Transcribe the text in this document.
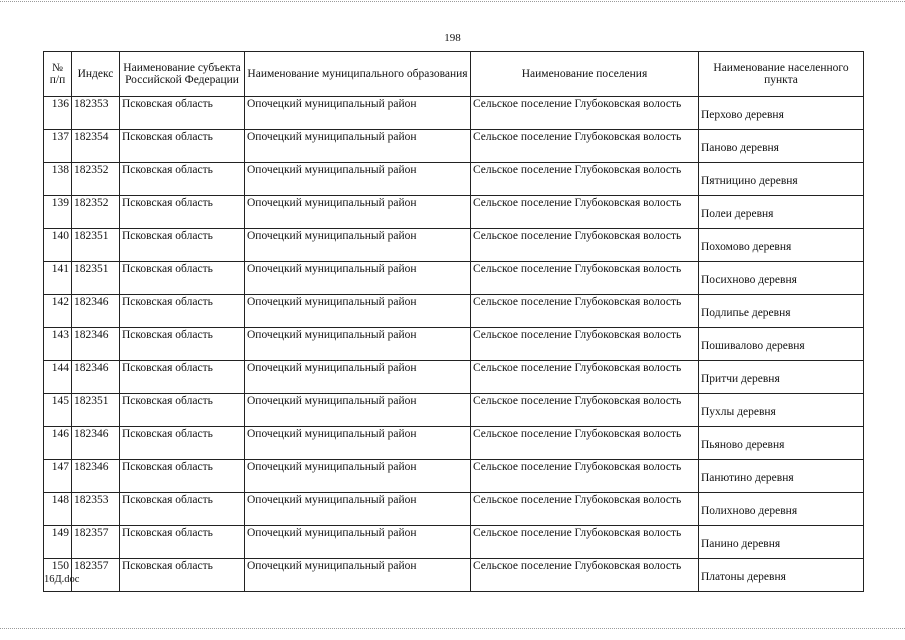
198
№ п/п	Индекс	Наименование субъекта Российской Федерации	Наименование муниципального образования	Наименование поселения	Наименование населенного пункта
136	182353	Псковская область	Опочецкий муниципальный район	Сельское поселение Глубоковская волость	Перхово деревня
137	182354	Псковская область	Опочецкий муниципальный район	Сельское поселение Глубоковская волость	Паново деревня
138	182352	Псковская область	Опочецкий муниципальный район	Сельское поселение Глубоковская волость	Пятницино деревня
139	182352	Псковская область	Опочецкий муниципальный район	Сельское поселение Глубоковская волость	Полеи деревня
140	182351	Псковская область	Опочецкий муниципальный район	Сельское поселение Глубоковская волость	Похомово деревня
141	182351	Псковская область	Опочецкий муниципальный район	Сельское поселение Глубоковская волость	Посихново деревня
142	182346	Псковская область	Опочецкий муниципальный район	Сельское поселение Глубоковская волость	Подлипье деревня
143	182346	Псковская область	Опочецкий муниципальный район	Сельское поселение Глубоковская волость	Пошивалово деревня
144	182346	Псковская область	Опочецкий муниципальный район	Сельское поселение Глубоковская волость	Притчи деревня
145	182351	Псковская область	Опочецкий муниципальный район	Сельское поселение Глубоковская волость	Пухлы деревня
146	182346	Псковская область	Опочецкий муниципальный район	Сельское поселение Глубоковская волость	Пьяново деревня
147	182346	Псковская область	Опочецкий муниципальный район	Сельское поселение Глубоковская волость	Панютино деревня
148	182353	Псковская область	Опочецкий муниципальный район	Сельское поселение Глубоковская волость	Полихново деревня
149	182357	Псковская область	Опочецкий муниципальный район	Сельское поселение Глубоковская волость	Панино деревня
150	182357	Псковская область	Опочецкий муниципальный район	Сельское поселение Глубоковская волость	Платоны деревня
16Д.doc
